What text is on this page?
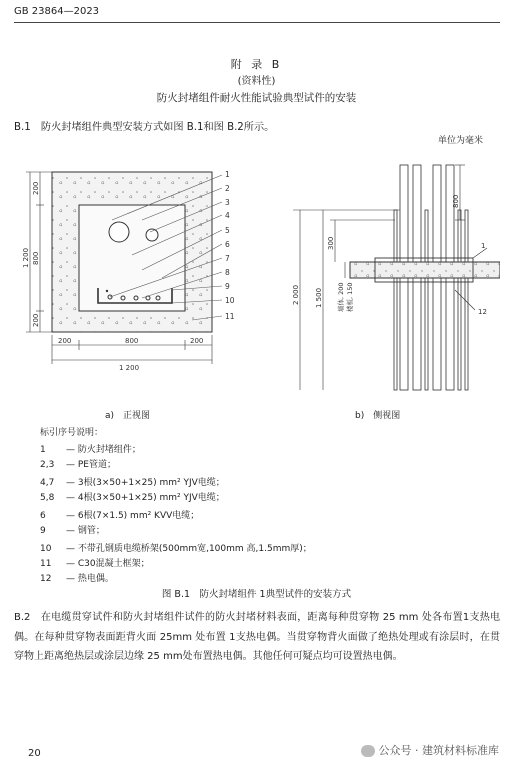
GB 23864—2023
附 录 B
(资料性)
防火封堵组件耐火性能试验典型试件的安装
B.1　防火封堵组件典型安装方式如图 B.1和图 B.2所示。
单位为毫米
1
2
3
4
5
6
7
8
9
10
11
200
800
200
1 200
200	800	200
1 200
2 000 1 500
300
800
墙体, 200 楼板, 150
1
12
a)　正视图	b)　侧视图
标引序号说明：
1 — 防火封堵组件；
2,3 — PE管道；
4,7 — 3根(3×50+1×25) mm² YJV电缆；
5,8 — 4根(3×50+1×25) mm² YJV电缆；
6 — 6根(7×1.5) mm² KVV电缆；
9 — 钢管；
10 — 不带孔钢质电缆桥架(500mm宽,100mm 高,1.5mm厚)；
11 — C30混凝土框架；
12 — 热电偶。
图 B.1　防火封堵组件 1典型试件的安装方式
B.2　在电缆贯穿试件和防火封堵组件试件的防火封堵材料表面，距离每种贯穿物 25 mm 处各布置1支热电偶。在每种贯穿物表面距背火面 25mm 处布置 1支热电偶。当贯穿物背火面做了绝热处理或有涂层时，在贯穿物上距离绝热层或涂层边缘 25 mm处布置热电偶。其他任何可疑点均可设置热电偶。
20	公众号 · 建筑材料标准库
